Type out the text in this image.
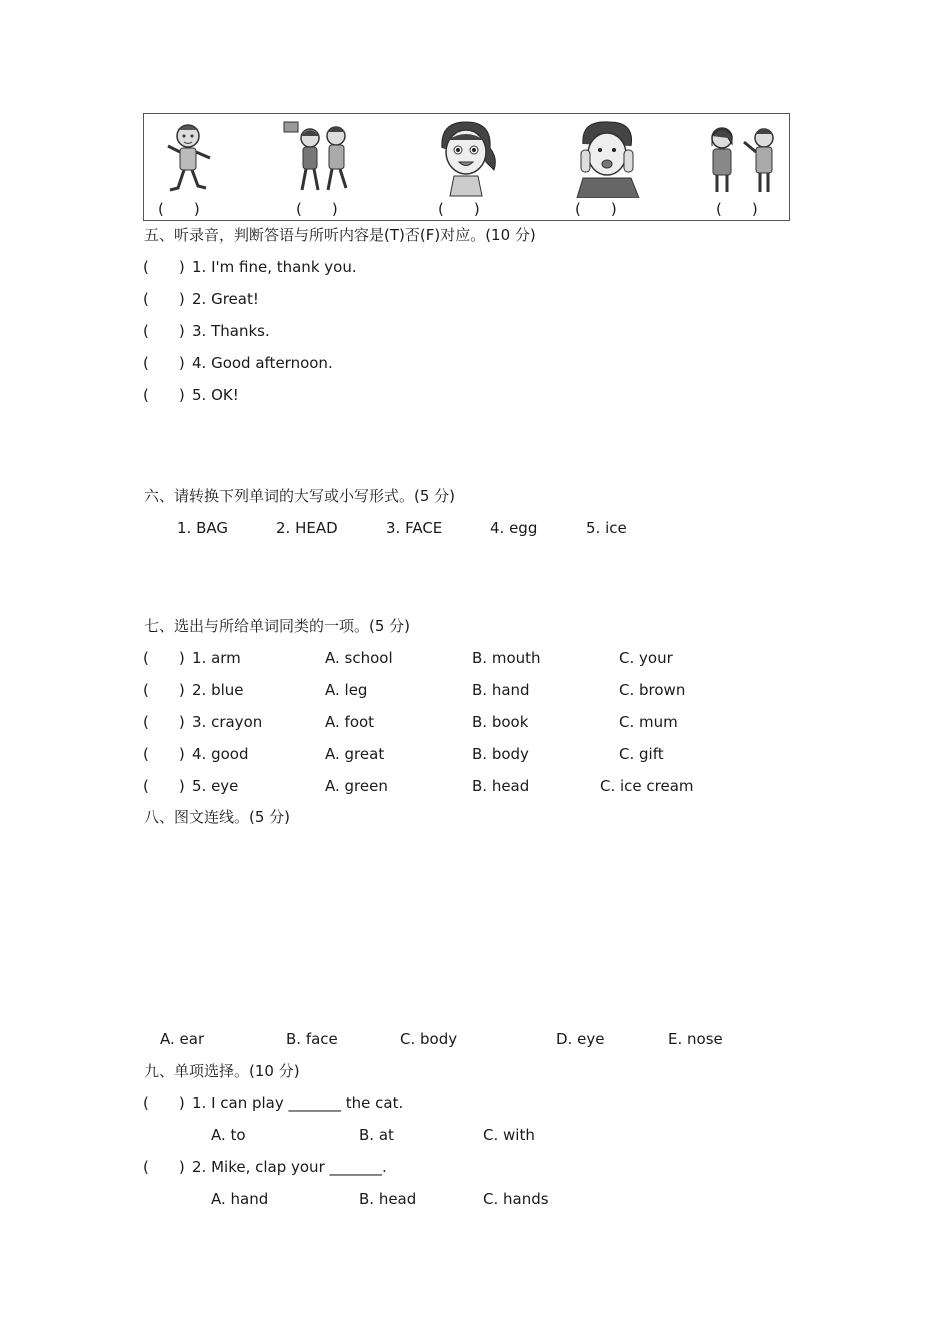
(　　)	(　　)	(　　)	(　　)	(　　)
五、听录音，判断答语与所听内容是(T)否(F)对应。(10 分)
(　　) 1. I'm fine, thank you.
(　　) 2. Great!
(　　) 3. Thanks.
(　　) 4. Good afternoon.
(　　) 5. OK!
六、请转换下列单词的大写或小写形式。(5 分)
1. BAG	2. HEAD	3. FACE	4. egg	5. ice
七、选出与所给单词同类的一项。(5 分)
(　　) 1. arm	A. school	B. mouth	C. your
(　　) 2. blue	A. leg	B. hand	C. brown
(　　) 3. crayon	A. foot	B. book	C. mum
(　　) 4. good	A. great	B. body	C. gift
(　　) 5. eye	A. green	B. head	C. ice cream
八、图文连线。(5 分)
A. ear	B. face	C. body	D. eye	E. nose
九、单项选择。(10 分)
(　　) 1. I can play _______ the cat.
A. to	B. at	C. with
(　　) 2. Mike, clap your _______.
A. hand	B. head	C. hands
